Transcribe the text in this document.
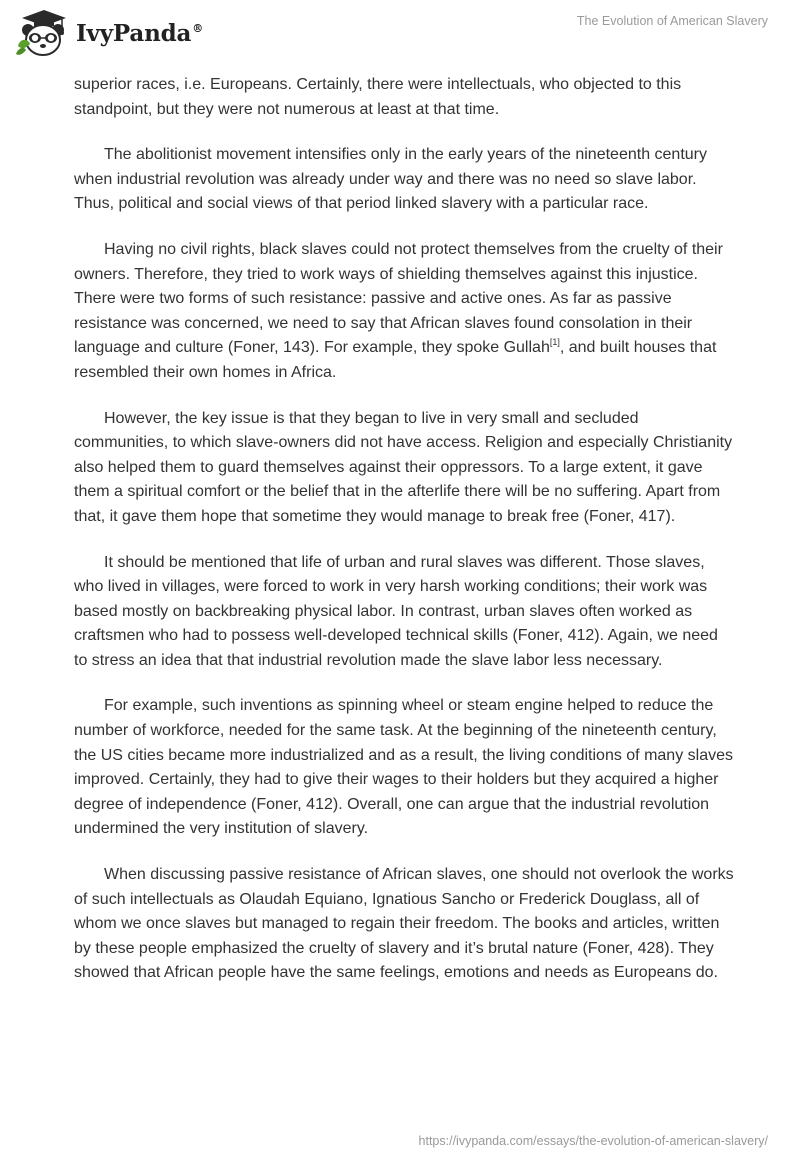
IvyPanda®
The Evolution of American Slavery

superior races, i.e. Europeans. Certainly, there were intellectuals, who objected to this standpoint, but they were not numerous at least at that time.

The abolitionist movement intensifies only in the early years of the nineteenth century when industrial revolution was already under way and there was no need so slave labor. Thus, political and social views of that period linked slavery with a particular race.

Having no civil rights, black slaves could not protect themselves from the cruelty of their owners. Therefore, they tried to work ways of shielding themselves against this injustice. There were two forms of such resistance: passive and active ones. As far as passive resistance was concerned, we need to say that African slaves found consolation in their language and culture (Foner, 143). For example, they spoke Gullah[1], and built houses that resembled their own homes in Africa.

However, the key issue is that they began to live in very small and secluded communities, to which slave-owners did not have access. Religion and especially Christianity also helped them to guard themselves against their oppressors. To a large extent, it gave them a spiritual comfort or the belief that in the afterlife there will be no suffering. Apart from that, it gave them hope that sometime they would manage to break free (Foner, 417).

It should be mentioned that life of urban and rural slaves was different. Those slaves, who lived in villages, were forced to work in very harsh working conditions; their work was based mostly on backbreaking physical labor. In contrast, urban slaves often worked as craftsmen who had to possess well-developed technical skills (Foner, 412). Again, we need to stress an idea that that industrial revolution made the slave labor less necessary.

For example, such inventions as spinning wheel or steam engine helped to reduce the number of workforce, needed for the same task. At the beginning of the nineteenth century, the US cities became more industrialized and as a result, the living conditions of many slaves improved. Certainly, they had to give their wages to their holders but they acquired a higher degree of independence (Foner, 412). Overall, one can argue that the industrial revolution undermined the very institution of slavery.

When discussing passive resistance of African slaves, one should not overlook the works of such intellectuals as Olaudah Equiano, Ignatious Sancho or Frederick Douglass, all of whom we once slaves but managed to regain their freedom. The books and articles, written by these people emphasized the cruelty of slavery and it’s brutal nature (Foner, 428). They showed that African people have the same feelings, emotions and needs as Europeans do.

https://ivypanda.com/essays/the-evolution-of-american-slavery/
